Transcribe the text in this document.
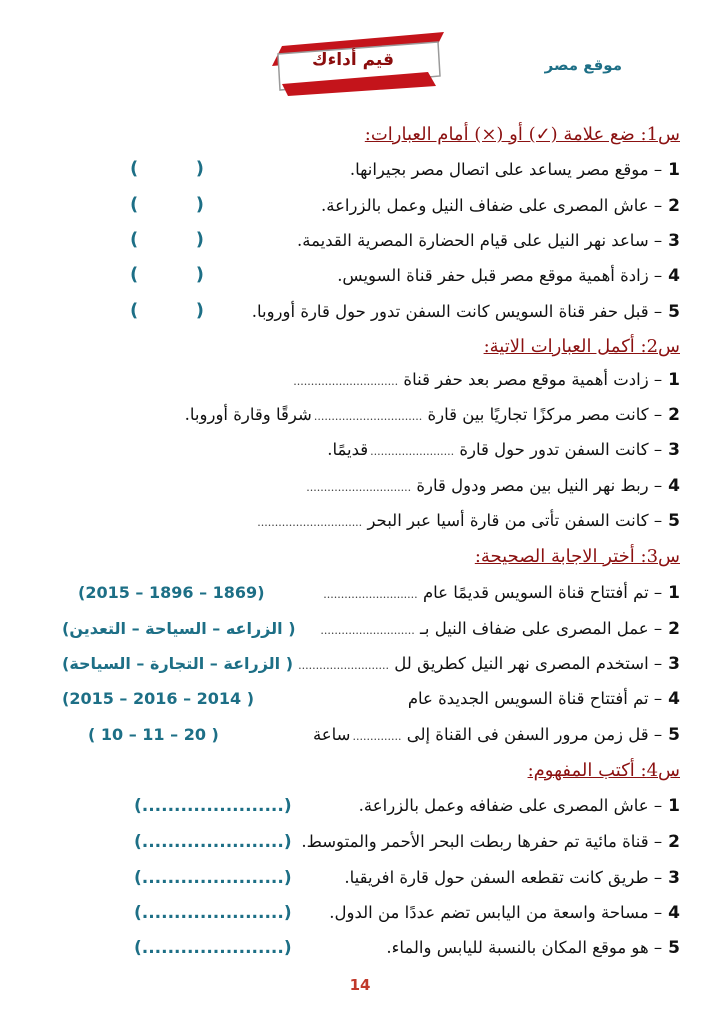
قيم أداءك	موقع مصر
س1: ضع علامة (✓) أو (×) أمام العبارات:
1– موقع مصر يساعد على اتصال مصر بجيرانها.
(	)
2– عاش المصرى على ضفاف النيل وعمل بالزراعة.
(	)
3– ساعد نهر النيل على قيام الحضارة المصرية القديمة.
(	)
4– زادة أهمية موقع مصر قبل حفر قناة السويس.
(	)
5– قبل حفر قناة السويس كانت السفن تدور حول قارة أوروبا.
(	)
س2: أكمل العبارات الاتية:
1– زادت أهمية موقع مصر بعد حفر قناة ..............................
2– كانت مصر مركزًا تجاريًا بين قارة ...............................شرقًا وقارة أوروبا.
3– كانت السفن تدور حول قارة ........................قديمًا.
4– ربط نهر النيل بين مصر ودول قارة ..............................
5– كانت السفن تأتى من قارة أسيا عبر البحر ..............................
س3: أختر الاجابة الصحيحة:
1– تم أفتتاح قناة السويس قديمًا عام ...........................
(1869 – 1896 – 2015)
2– عمل المصرى على ضفاف النيل بـ ...........................
( الزراعه – السياحة – التعدين)
3– استخدم المصرى نهر النيل كطريق لل ..........................
( الزراعة – التجارة – السياحة)
4– تم أفتتاح قناة السويس الجديدة عام
( 2014 – 2016 – 2015)
5– قل زمن مرور السفن فى القناة إلى ..............ساعة
( 20 – 11 – 10 )
س4: أكتب المفهوم:
1– عاش المصرى على ضفافه وعمل بالزراعة.
(......................)
2– قناة مائية تم حفرها ربطت البحر الأحمر والمتوسط.
(......................)
3– طريق كانت تقطعه السفن حول قارة افريقيا.
(......................)
4– مساحة واسعة من اليابس تضم عددًا من الدول.
(......................)
5– هو موقع المكان بالنسبة لليابس والماء.
(......................)
14
